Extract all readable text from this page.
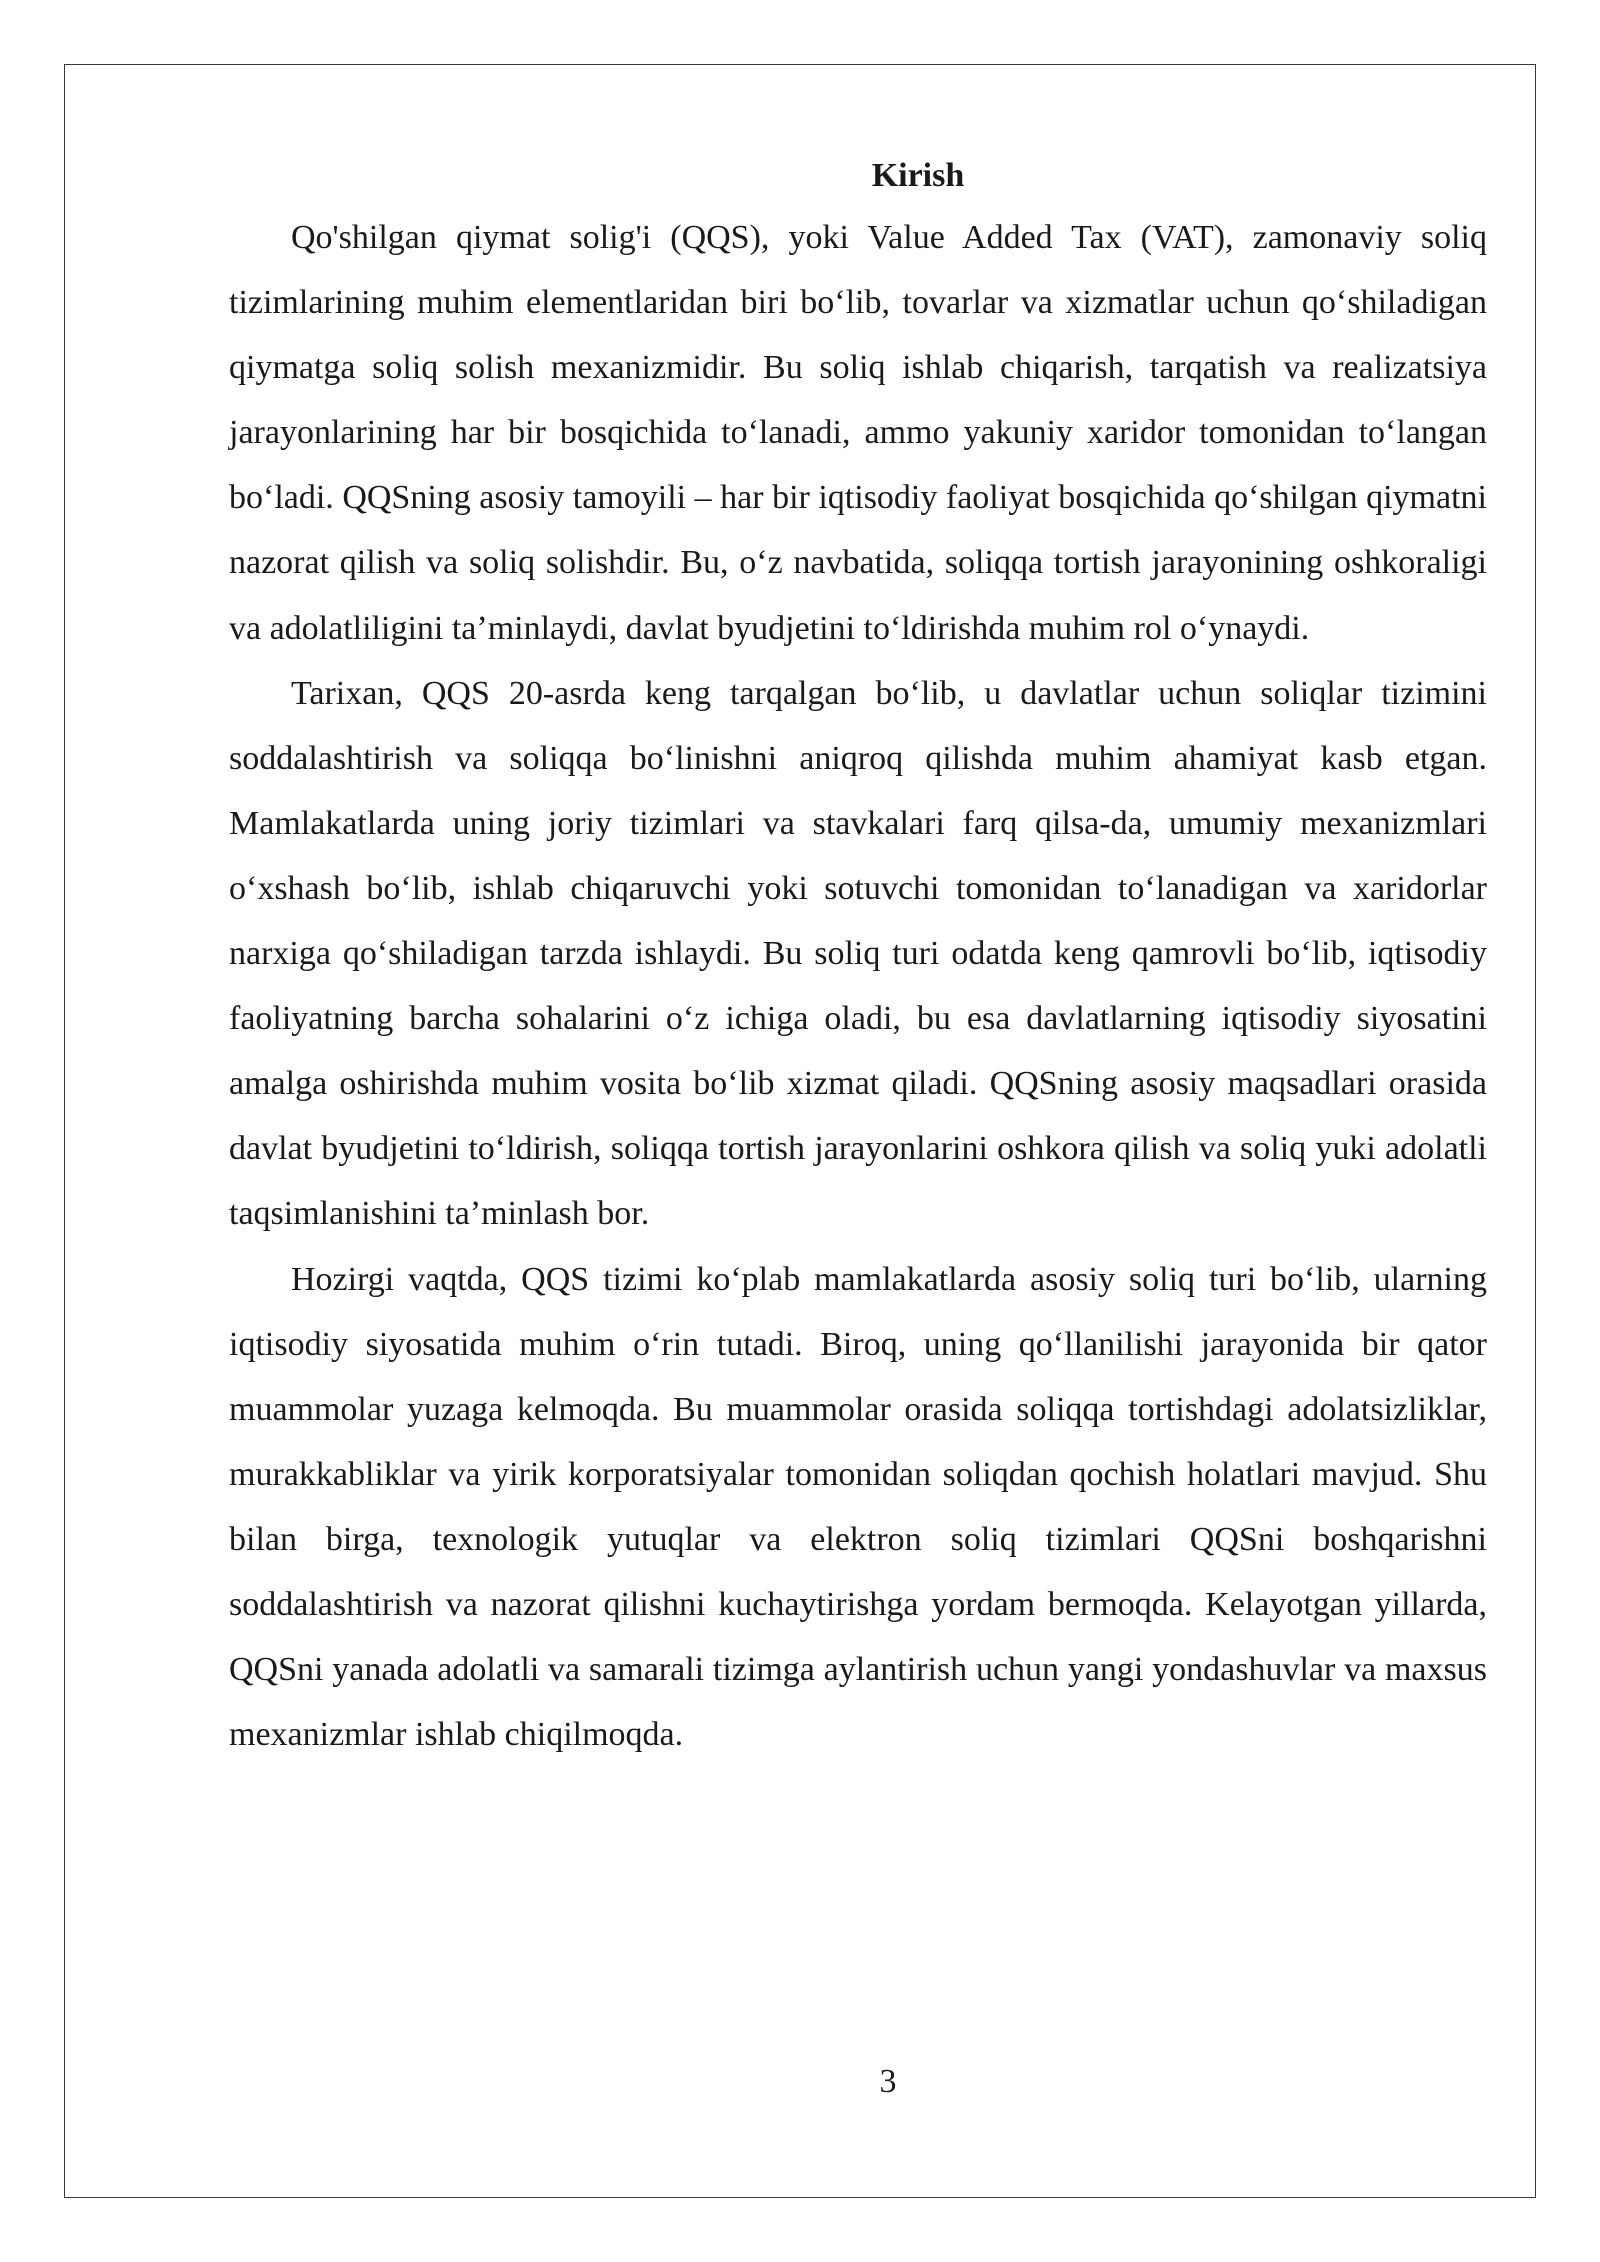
Kirish

Qo'shilgan qiymat solig'i (QQS), yoki Value Added Tax (VAT), zamonaviy soliq tizimlarining muhim elementlaridan biri boʻlib, tovarlar va xizmatlar uchun qoʻshiladigan qiymatga soliq solish mexanizmidir. Bu soliq ishlab chiqarish, tarqatish va realizatsiya jarayonlarining har bir bosqichida toʻlanadi, ammo yakuniy xaridor tomonidan toʻlangan boʻladi. QQSning asosiy tamoyili – har bir iqtisodiy faoliyat bosqichida qoʻshilgan qiymatni nazorat qilish va soliq solishdir. Bu, oʻz navbatida, soliqqa tortish jarayonining oshkoraligi va adolatliligini taʼminlaydi, davlat byudjetini toʻldirishda muhim rol oʻynaydi.

Tarixan, QQS 20-asrda keng tarqalgan boʻlib, u davlatlar uchun soliqlar tizimini soddalashtirish va soliqqa boʻlinishni aniqroq qilishda muhim ahamiyat kasb etgan. Mamlakatlarda uning joriy tizimlari va stavkalari farq qilsa-da, umumiy mexanizmlari oʻxshash boʻlib, ishlab chiqaruvchi yoki sotuvchi tomonidan toʻlanadigan va xaridorlar narxiga qoʻshiladigan tarzda ishlaydi. Bu soliq turi odatda keng qamrovli boʻlib, iqtisodiy faoliyatning barcha sohalarini oʻz ichiga oladi, bu esa davlatlarning iqtisodiy siyosatini amalga oshirishda muhim vosita boʻlib xizmat qiladi. QQSning asosiy maqsadlari orasida davlat byudjetini toʻldirish, soliqqa tortish jarayonlarini oshkora qilish va soliq yuki adolatli taqsimlanishini taʼminlash bor.

Hozirgi vaqtda, QQS tizimi koʻplab mamlakatlarda asosiy soliq turi boʻlib, ularning iqtisodiy siyosatida muhim oʻrin tutadi. Biroq, uning qoʻllanilishi jarayonida bir qator muammolar yuzaga kelmoqda. Bu muammolar orasida soliqqa tortishdagi adolatsizliklar, murakkabliklar va yirik korporatsiyalar tomonidan soliqdan qochish holatlari mavjud. Shu bilan birga, texnologik yutuqlar va elektron soliq tizimlari QQSni boshqarishni soddalashtirish va nazorat qilishni kuchaytirishga yordam bermoqda. Kelayotgan yillarda, QQSni yanada adolatli va samarali tizimga aylantirish uchun yangi yondashuvlar va maxsus mexanizmlar ishlab chiqilmoqda.

3
